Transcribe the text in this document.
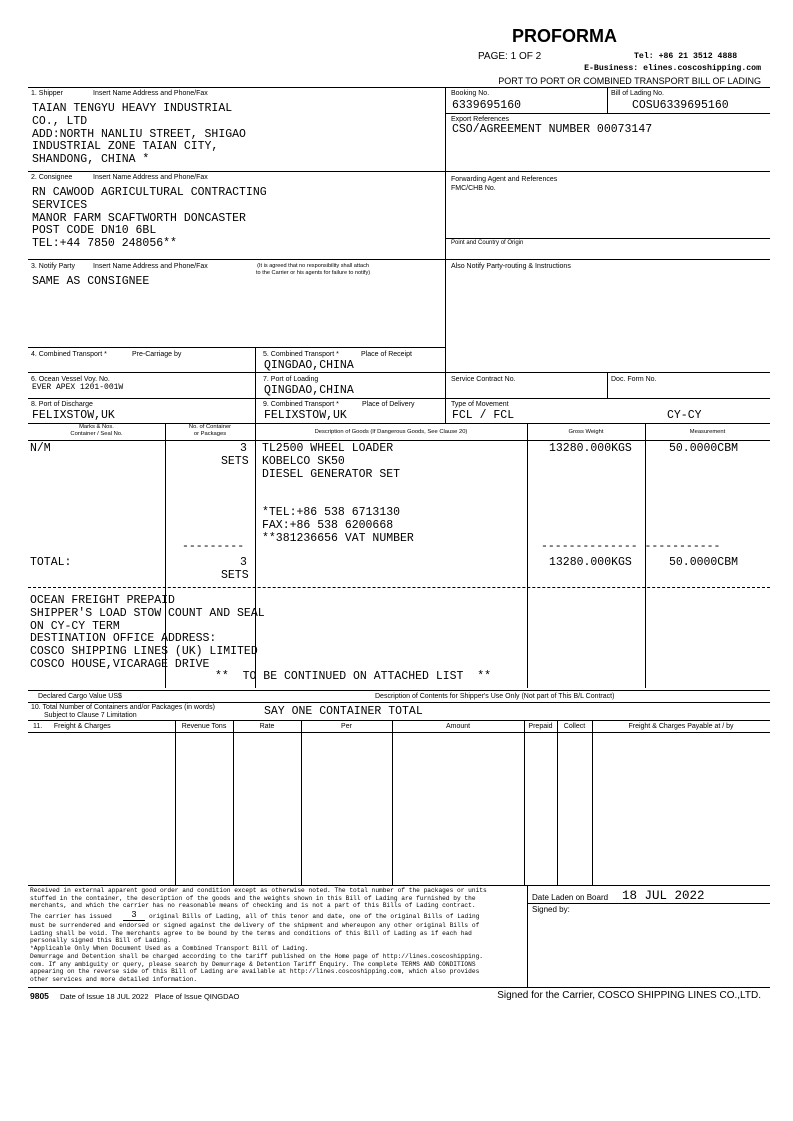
PROFORMA
PAGE: 1 OF 2	Tel: +86 21 3512 4888
E-Business: elines.coscoshipping.com
PORT TO PORT OR COMBINED TRANSPORT BILL OF LADING
1. Shipper	Insert Name Address and Phone/Fax
TAIAN TENGYU HEAVY INDUSTRIAL
CO., LTD
ADD:NORTH NANLIU STREET, SHIGAO
INDUSTRIAL ZONE TAIAN CITY,
SHANDONG, CHINA *
Booking No.
6339695160
Bill of Lading No.
COSU6339695160
Export References
CSO/AGREEMENT NUMBER 00073147
2. Consignee	Insert Name Address and Phone/Fax
RN CAWOOD AGRICULTURAL CONTRACTING
SERVICES
MANOR FARM SCAFTWORTH DONCASTER
POST CODE DN10 6BL
TEL:+44 7850 248056**
Forwarding Agent and References
FMC/CHB No.
Point and Country of Origin
3. Notify Party	Insert Name Address and Phone/Fax	(It is agreed that no responsibility shall attach
to the Carrier or his agents for failure to notify)
SAME AS CONSIGNEE
Also Notify Party-routing & Instructions
4. Combined Transport *	Pre-Carriage by	5. Combined Transport *	Place of Receipt
QINGDAO,CHINA
6. Ocean Vessel Voy. No.
EVER APEX 1201-001W
7. Port of Loading
QINGDAO,CHINA
Service Contract No.	Doc. Form No.
8. Port of Discharge
FELIXSTOW,UK
9. Combined Transport *	Place of Delivery
FELIXSTOW,UK
Type of Movement
FCL / FCL	CY-CY
Marks & Nos.
Container / Seal No.
No. of Container
or Packages	Description of Goods (If Dangerous Goods, See Clause 20)	Gross Weight	Measurement
N/M	3
SETS
TL2500 WHEEL LOADER
KOBELCO SK50
DIESEL GENERATOR SET

*TEL:+86 538 6713130
FAX:+86 538 6200668
**381236656 VAT NUMBER
13280.000KGS	50.0000CBM
---------	-------------- -----------
TOTAL:	3
SETS
13280.000KGS	50.0000CBM
OCEAN FREIGHT PREPAID
SHIPPER'S LOAD STOW COUNT AND SEAL
ON CY-CY TERM
DESTINATION OFFICE ADDRESS:
COSCO SHIPPING LINES (UK) LIMITED
COSCO HOUSE,VICARAGE DRIVE
**  TO BE CONTINUED ON ATTACHED LIST  **
Declared Cargo Value US$	Description of Contents for Shipper's Use Only (Not part of This B/L Contract)
10. Total Number of Containers and/or Packages (in words)
Subject to Clause 7 Limitation	SAY ONE CONTAINER TOTAL
11.      Freight & Charges	Revenue Tons	Rate	Per	Amount	Prepaid	Collect	Freight & Charges Payable at / by
Received in external apparent good order and condition except as otherwise noted. The total number of the packages or units
stuffed in the container, the description of the goods and the weights shown in this Bill of Lading are furnished by the
merchants, and which the carrier has no reasonable means of checking and is not a part of this Bills of Lading contract.
The carrier has issued	3	original Bills of Lading, all of this tenor and date, one of the original Bills of Lading
must be surrendered and endorsed or signed against the delivery of the shipment and whereupon any other original Bills of
Lading shall be void. The merchants agree to be bound by the terms and conditions of this Bill of Lading as if each had
personally signed this Bill of Lading.
*Applicable Only When Document Used as a Combined Transport Bill of Lading.
Demurrage and Detention shall be charged according to the tariff published on the Home page of http://lines.coscoshipping.
com. If any ambiguity or query, please search by Demurrage & Detention Tariff Enquiry. The complete TERMS AND CONDITIONS
appearing on the reverse side of this Bill of Lading are available at http://lines.coscoshipping.com, which also provides
other services and more detailed information.
Date Laden on Board 18 JUL 2022
Signed by:
9805 Date of Issue 18 JUL 2022   Place of Issue QINGDAO	Signed for the Carrier, COSCO SHIPPING LINES CO.,LTD.
